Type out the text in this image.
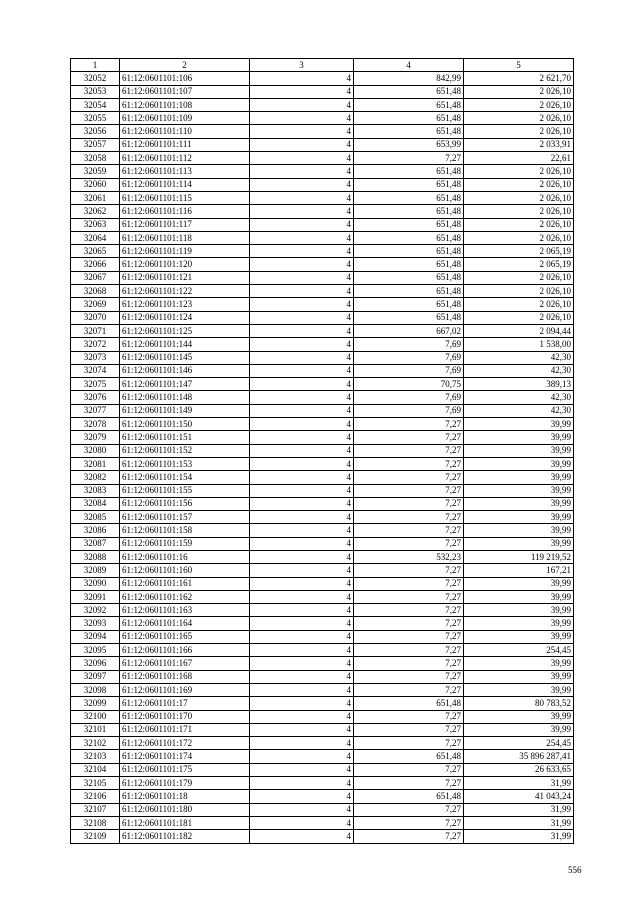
1	2	3	4	5
32052	61:12:0601101:106	4	842,99	2 621,70
32053	61:12:0601101:107	4	651,48	2 026,10
32054	61:12:0601101:108	4	651,48	2 026,10
32055	61:12:0601101:109	4	651,48	2 026,10
32056	61:12:0601101:110	4	651,48	2 026,10
32057	61:12:0601101:111	4	653,99	2 033,91
32058	61:12:0601101:112	4	7,27	22,61
32059	61:12:0601101:113	4	651,48	2 026,10
32060	61:12:0601101:114	4	651,48	2 026,10
32061	61:12:0601101:115	4	651,48	2 026,10
32062	61:12:0601101:116	4	651,48	2 026,10
32063	61:12:0601101:117	4	651,48	2 026,10
32064	61:12:0601101:118	4	651,48	2 026,10
32065	61:12:0601101:119	4	651,48	2 065,19
32066	61:12:0601101:120	4	651,48	2 065,19
32067	61:12:0601101:121	4	651,48	2 026,10
32068	61:12:0601101:122	4	651,48	2 026,10
32069	61:12:0601101:123	4	651,48	2 026,10
32070	61:12:0601101:124	4	651,48	2 026,10
32071	61:12:0601101:125	4	667,02	2 094,44
32072	61:12:0601101:144	4	7,69	1 538,00
32073	61:12:0601101:145	4	7,69	42,30
32074	61:12:0601101:146	4	7,69	42,30
32075	61:12:0601101:147	4	70,75	389,13
32076	61:12:0601101:148	4	7,69	42,30
32077	61:12:0601101:149	4	7,69	42,30
32078	61:12:0601101:150	4	7,27	39,99
32079	61:12:0601101:151	4	7,27	39,99
32080	61:12:0601101:152	4	7,27	39,99
32081	61:12:0601101:153	4	7,27	39,99
32082	61:12:0601101:154	4	7,27	39,99
32083	61:12:0601101:155	4	7,27	39,99
32084	61:12:0601101:156	4	7,27	39,99
32085	61:12:0601101:157	4	7,27	39,99
32086	61:12:0601101:158	4	7,27	39,99
32087	61:12:0601101:159	4	7,27	39,99
32088	61:12:0601101:16	4	532,23	119 219,52
32089	61:12:0601101:160	4	7,27	167,21
32090	61:12:0601101:161	4	7,27	39,99
32091	61:12:0601101:162	4	7,27	39,99
32092	61:12:0601101:163	4	7,27	39,99
32093	61:12:0601101:164	4	7,27	39,99
32094	61:12:0601101:165	4	7,27	39,99
32095	61:12:0601101:166	4	7,27	254,45
32096	61:12:0601101:167	4	7,27	39,99
32097	61:12:0601101:168	4	7,27	39,99
32098	61:12:0601101:169	4	7,27	39,99
32099	61:12:0601101:17	4	651,48	80 783,52
32100	61:12:0601101:170	4	7,27	39,99
32101	61:12:0601101:171	4	7,27	39,99
32102	61:12:0601101:172	4	7,27	254,45
32103	61:12:0601101:174	4	651,48	35 896 287,41
32104	61:12:0601101:175	4	7,27	26 633,65
32105	61:12:0601101:179	4	7,27	31,99
32106	61:12:0601101:18	4	651,48	41 043,24
32107	61:12:0601101:180	4	7,27	31,99
32108	61:12:0601101:181	4	7,27	31,99
32109	61:12:0601101:182	4	7,27	31,99
556
